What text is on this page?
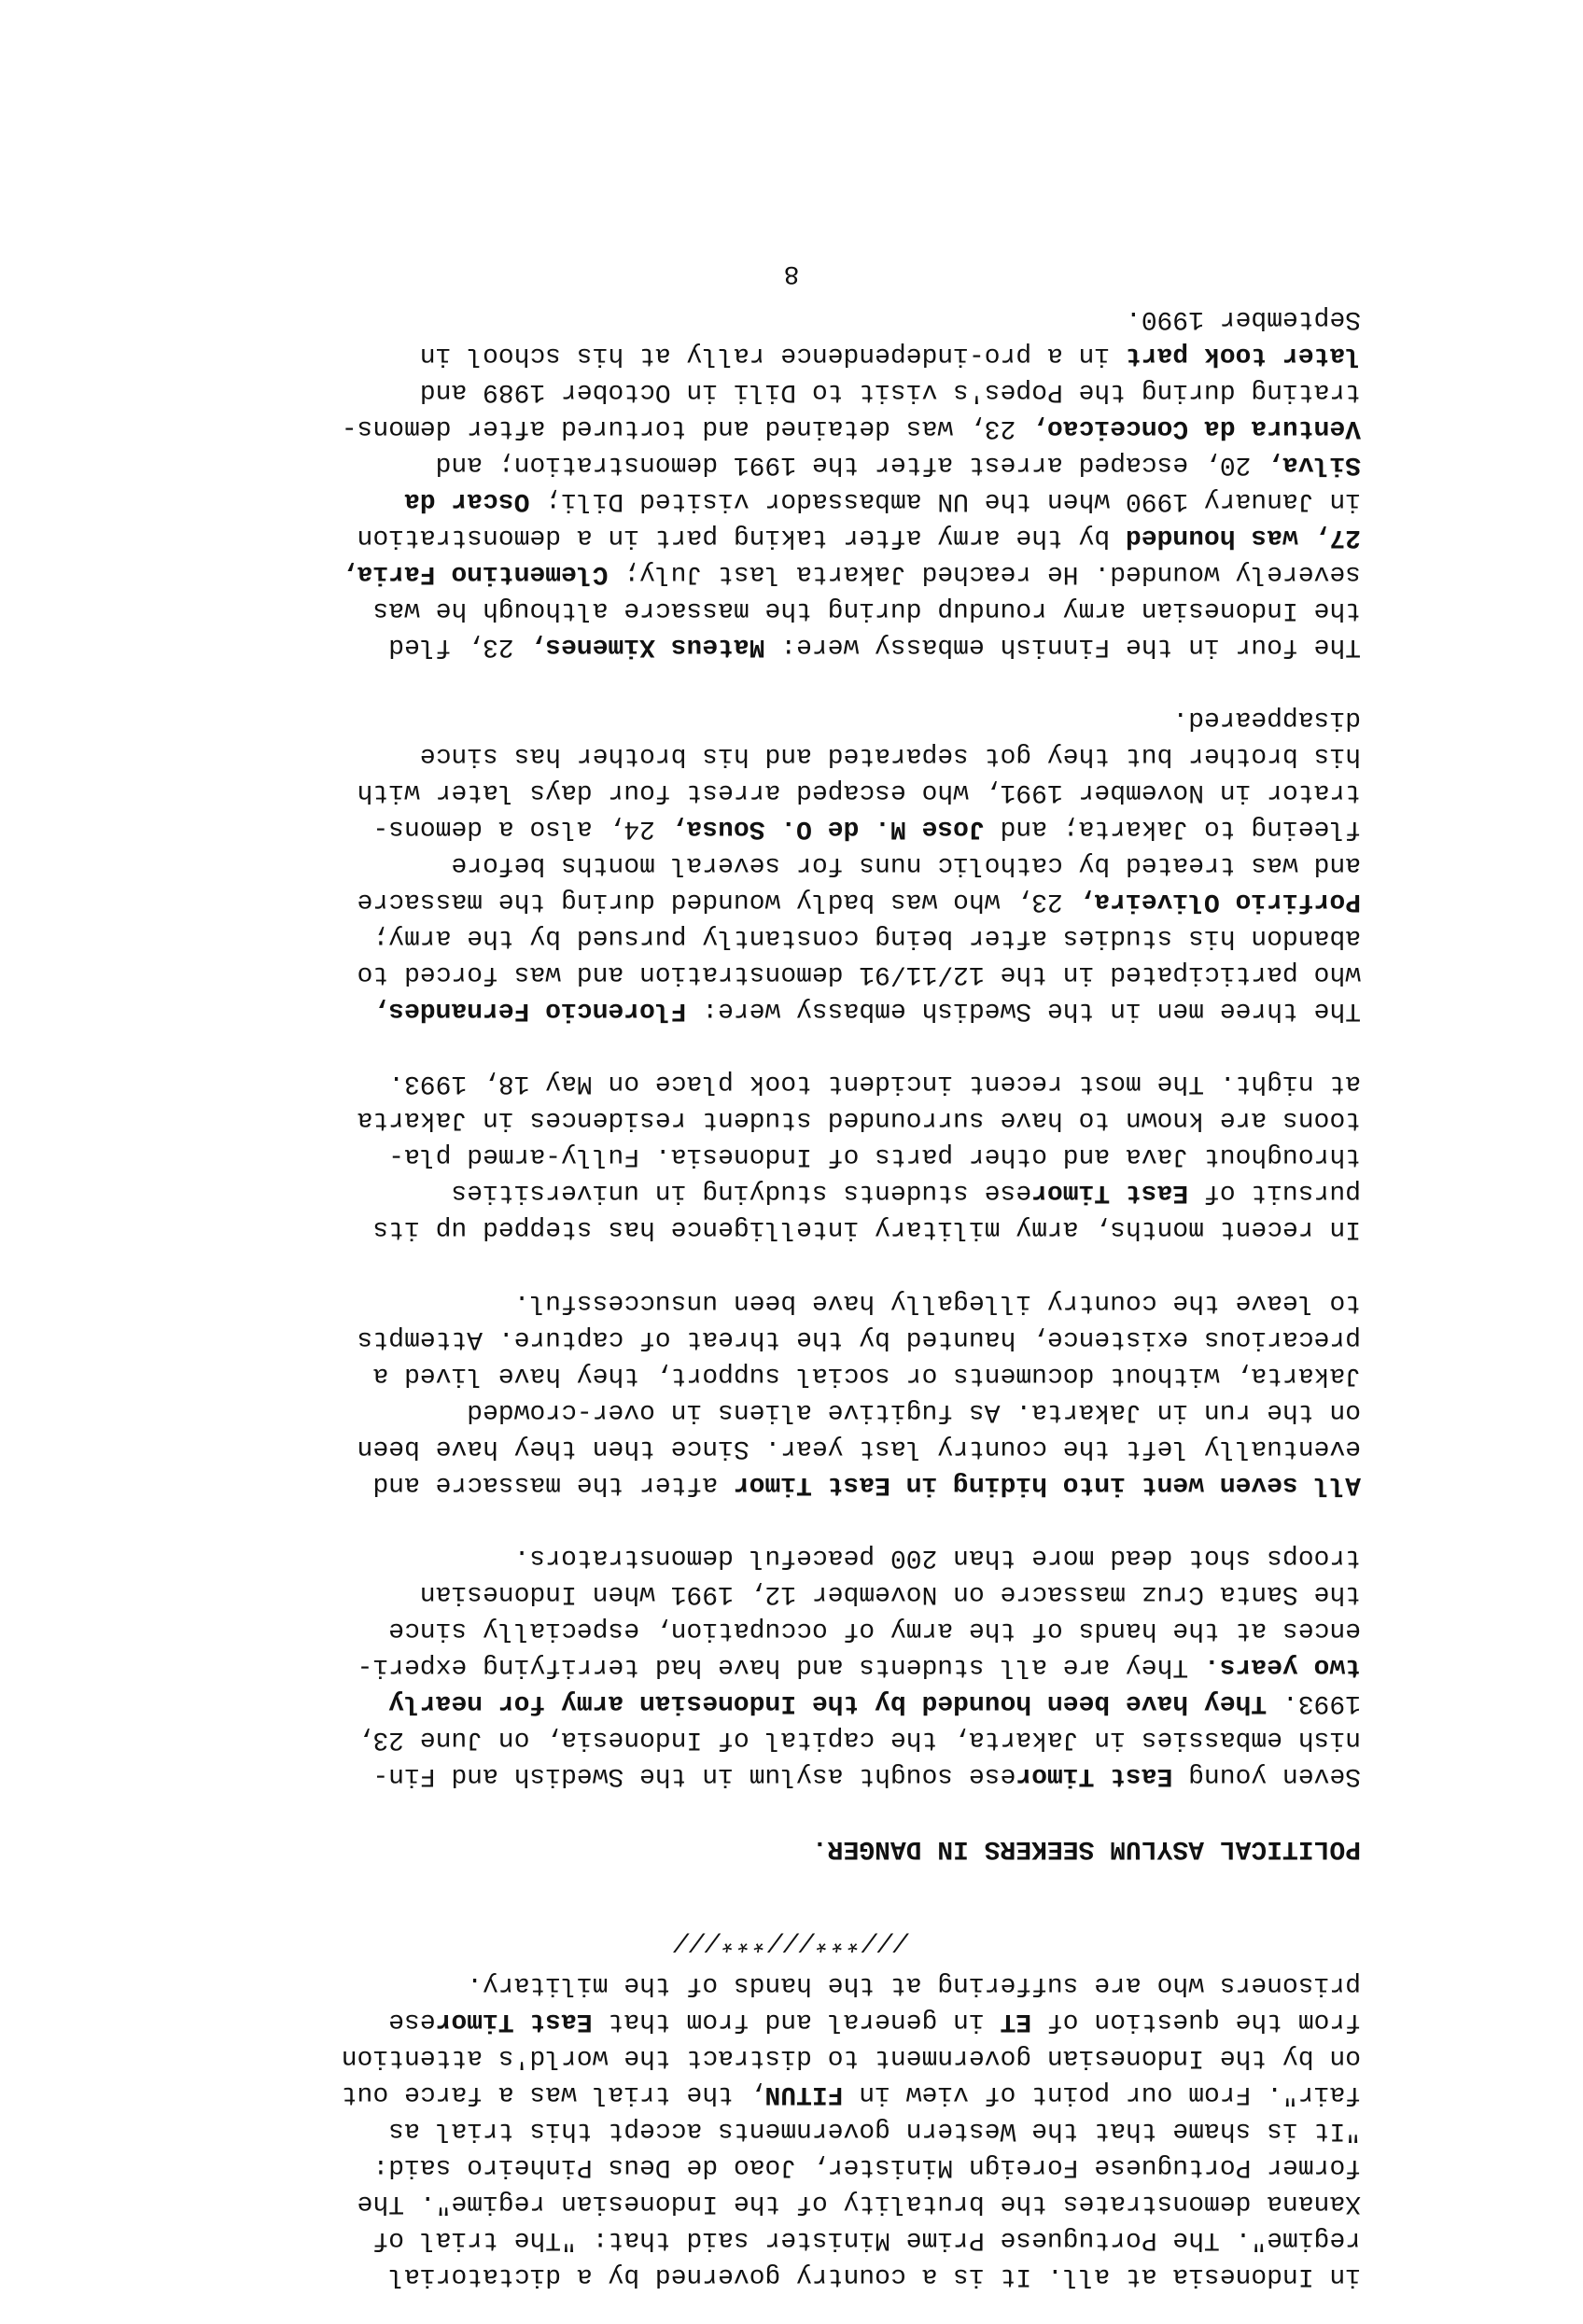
in Indonesia at all. It is a country governed by a dictatorial
regime". The Portuguese Prime Minister said that: "The trial of
Xanana demonstrates the brutality of the Indonesian regime". The
former Portuguese Foreign Minister, Joao de Deus Pinheiro said:
"It is shame that the Western governments accept this trial as
fair". From our point of view in FITUN, the trial was a farce out
on by the Indonesian government to distract the world's attention
from the question of ET in general and from that East Timorese
prisoners who are suffering at the hands of the military.
///***///***///
POLITICAL ASYLUM SEEKERS IN DANGER.
Seven young East Timorese sought asylum in the Swedish and Fin-
nish embassies in Jakarta, the capital of Indonesia, on June 23,
1993. They have been hounded by the Indonesian army for nearly
two years. They are all students and have had terrifying experi-
ences at the hands of the army of occupation, especially since
the Santa Cruz massacre on November 12, 1991 when Indonesian
troops shot dead more than 200 peaceful demonstrators.
All seven went into hiding in East Timor after the massacre and
eventually left the country last year. Since then they have been
on the run in Jakarta. As fugitive aliens in over-crowded
Jakarta, without documents or social support, they have lived a
precarious existence, haunted by the threat of capture. Attempts
to leave the country illegally have been unsuccessful.
In recent months, army military intelligence has stepped up its
pursuit of East Timorese students studying in universities
throughout Java and other parts of Indonesia. Fully-armed pla-
toons are known to have surrounded student residences in Jakarta
at night. The most recent incident took place on May 18, 1993.
The three men in the Swedish embassy were: Florencio Fernandes,
who participated in the 12/11/91 demonstration and was forced to
abandon his studies after being constantly pursued by the army;
Porfirio Oliveira, 23, who was badly wounded during the massacre
and was treated by catholic nuns for several months before
fleeing to Jakarta; and Jose M. de O. Sousa, 24, also a demons-
trator in November 1991, who escaped arrest four days later with
his brother but they got separated and his brother has since
disappeared.
The four in the Finnish embassy were: Mateus Ximenes, 23, fled
the Indonesian army roundup during the massacre although he was
severely wounded. He reached Jakarta last July; Clementino Faria,
27, was hounded by the army after taking part in a demonstration
in January 1990 when the UN ambassador visited Dili; Oscar da
Silva, 20, escaped arrest after the 1991 demonstration; and
Ventura da Conceicao, 23, was detained and tortured after demons-
trating during the Popes's visit to Dili in October 1989 and
later took part in a pro-independence rally at his school in
September 1990.
8
